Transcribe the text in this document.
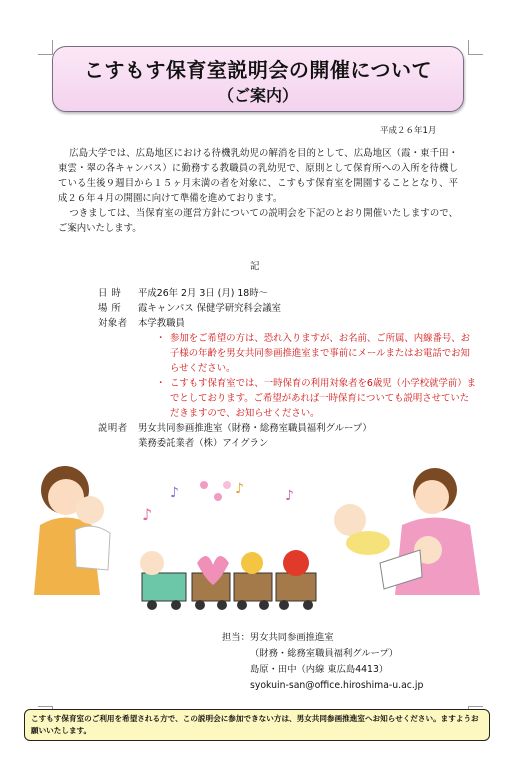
こすもす保育室説明会の開催について
（ご案内）
平成２６年1月

広島大学では、広島地区における待機乳幼児の解消を目的として、広島地区（霞・東千田・東雲・翠の各キャンパス）に勤務する教職員の乳幼児で、原則として保育所への入所を待機している生後９週目から１５ヶ月末満の者を対象に、こすもす保育室を開園することとなり、平成２６年４月の開園に向けて準備を進めております。

つきましては、当保育室の運営方針についての説明会を下記のとおり開催いたしますので、ご案内いたします。

記
日 時	平成26年 2月 3日 (月) 18時～
場 所	霞キャンパス 保健学研究科会議室
対象者	本学教職員
・ 参加をご希望の方は、恐れ入りますが、お名前、ご所属、内線番号、お子様の年齢を男女共同参画推進室まで事前にメールまたはお電話でお知らせください。
・ こすもす保育室では、一時保育の利用対象者を6歳児（小学校就学前）までとしております。ご希望があれば一時保育についても説明させていただきますので、お知らせください。
説明者	男女共同参画推進室（財務・総務室職員福利グループ）
業務委託業者（株）アイグラン
♪
♪	♪	♪
担当：男女共同参画推進室
（財務・総務室職員福利グループ）
島原・田中（内線 東広島4413）
syokuin-san@office.hiroshima-u.ac.jp
こすもす保育室のご利用を希望される方で、この説明会に参加できない方は、男女共同参画推進室へお知らせください。ますようお願いいたします。
